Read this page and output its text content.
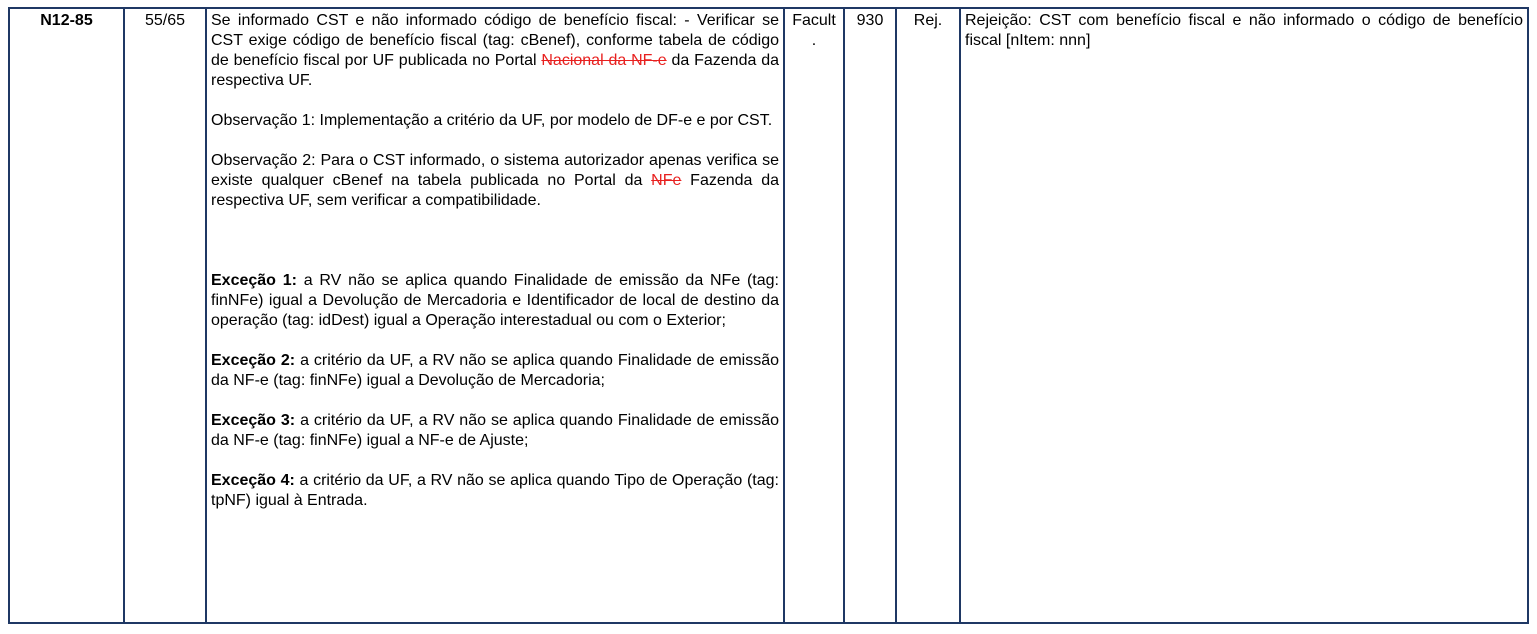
N12-85	55/65	Se informado CST e não informado código de benefício fiscal: - Verificar se CST exige código de benefício fiscal (tag: cBenef), conforme tabela de código de benefício fiscal por UF publicada no Portal Nacional da NF-e da Fazenda da respectiva UF.

Observação 1: Implementação a critério da UF, por modelo de DF-e e por CST.

Observação 2: Para o CST informado, o sistema autorizador apenas verifica se existe qualquer cBenef na tabela publicada no Portal da NFe Fazenda da respectiva UF, sem verificar a compatibilidade.

Exceção 1: a RV não se aplica quando Finalidade de emissão da NFe (tag: finNFe) igual a Devolução de Mercadoria e Identificador de local de destino da operação (tag: idDest) igual a Operação interestadual ou com o Exterior;

Exceção 2: a critério da UF, a RV não se aplica quando Finalidade de emissão da NF-e (tag: finNFe) igual a Devolução de Mercadoria;

Exceção 3: a critério da UF, a RV não se aplica quando Finalidade de emissão da NF-e (tag: finNFe) igual a NF-e de Ajuste;

Exceção 4: a critério da UF, a RV não se aplica quando Tipo de Operação (tag: tpNF) igual à Entrada.

	Facult
.	930	Rej.	Rejeição: CST com benefício fiscal e não informado o código de benefício fiscal [nItem: nnn]
